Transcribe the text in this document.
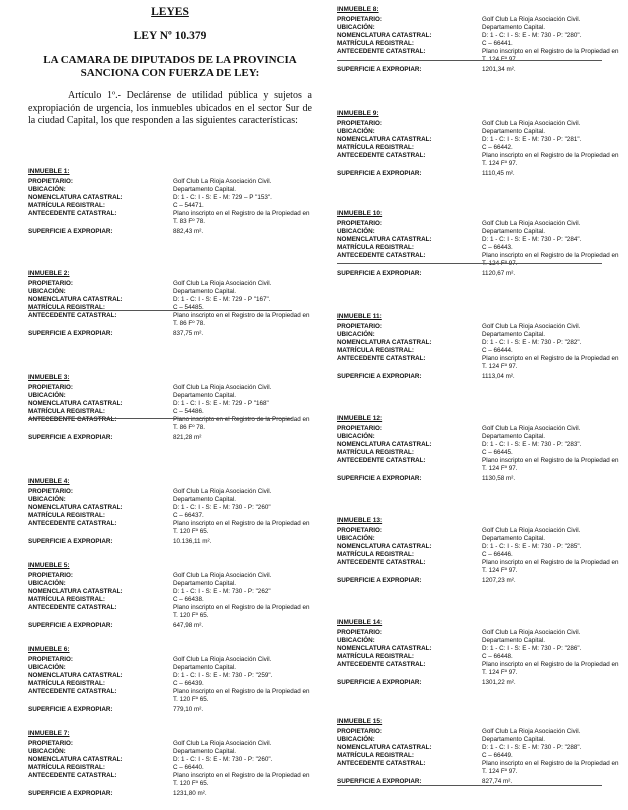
LEYES
LEY Nº 10.379
LA CAMARA DE DIPUTADOS DE LA PROVINCIA SANCIONA CON FUERZA DE LEY:
Artículo 1º.- Declárense de utilidad pública y sujetos a expropiación de urgencia, los inmuebles ubicados en el sector Sur de la ciudad Capital, los que responden a las siguientes características:
INMUEBLE 1:
PROPIETARIO:	Golf Club La Rioja Asociación Civil.
UBICACIÓN:	Departamento Capital.
NOMENCLATURA CATASTRAL:	D: 1 - C: I - S: E - M: 729 – P "153".
MATRÍCULA REGISTRAL:	C – 54471.
ANTECEDENTE CATASTRAL:	Plano inscripto en el Registro de la Propiedad en T. 83 Fº 78.
SUPERFICIE A EXPROPIAR:	882,43 m².
INMUEBLE 2:
PROPIETARIO:	Golf Club La Rioja Asociación Civil.
UBICACIÓN:	Departamento Capital.
NOMENCLATURA CATASTRAL:	D: 1 - C: I - S: E - M: 729 - P "167".
MATRÍCULA REGISTRAL:	C – 54485.
ANTECEDENTE CATASTRAL:	Plano inscripto en el Registro de la Propiedad en T. 86 Fº 78.
SUPERFICIE A EXPROPIAR:	837,75 m².
INMUEBLE 3:
PROPIETARIO:	Golf Club La Rioja Asociación Civil.
UBICACIÓN:	Departamento Capital.
NOMENCLATURA CATASTRAL:	D: 1 - C: I - S: E - M: 729 - P "168"
MATRÍCULA REGISTRAL:	C – 54486.
ANTECEDENTE CATASTRAL:	Plano inscripto en el Registro de la Propiedad en T. 86 Fº 78.
SUPERFICIE A EXPROPIAR:	821,28 m²
INMUEBLE 4:
PROPIETARIO:	Golf Club La Rioja Asociación Civil.
UBICACIÓN:	Departamento Capital.
NOMENCLATURA CATASTRAL:	D: 1 - C: I - S: E - M: 730 - P: "260"
MATRÍCULA REGISTRAL:	C – 66437.
ANTECEDENTE CATASTRAL:	Plano inscripto en el Registro de la Propiedad en T. 120 Fº 65.
SUPERFICIE A EXPROPIAR:	10.136,11 m².
INMUEBLE 5:
PROPIETARIO:	Golf Club La Rioja Asociación Civil.
UBICACIÓN:	Departamento Capital.
NOMENCLATURA CATASTRAL:	D: 1 - C: I - S: E - M: 730 - P: "262"
MATRÍCULA REGISTRAL:	C – 66438.
ANTECEDENTE CATASTRAL:	Plano inscripto en el Registro de la Propiedad en T. 120 Fº 65.
SUPERFICIE A EXPROPIAR:	647,98 m².
INMUEBLE 6:
PROPIETARIO:	Golf Club La Rioja Asociación Civil.
UBICACIÓN:	Departamento Capital.
NOMENCLATURA CATASTRAL:	D: 1 - C: I - S: E - M: 730 - P: "259".
MATRÍCULA REGISTRAL:	C – 66439.
ANTECEDENTE CATASTRAL:	Plano inscripto en el Registro de la Propiedad en T. 120 Fº 65.
SUPERFICIE A EXPROPIAR:	779,10 m².
INMUEBLE 7:
PROPIETARIO:	Golf Club La Rioja Asociación Civil.
UBICACIÓN:	Departamento Capital.
NOMENCLATURA CATASTRAL:	D: 1 - C: I - S: E - M: 730 - P: "260".
MATRÍCULA REGISTRAL:	C – 66440.
ANTECEDENTE CATASTRAL:	Plano inscripto en el Registro de la Propiedad en T. 120 Fº 65.
SUPERFICIE A EXPROPIAR:	1231,80 m².
INMUEBLE 8:
PROPIETARIO:	Golf Club La Rioja Asociación Civil.
UBICACIÓN:	Departamento Capital.
NOMENCLATURA CATASTRAL:	D: 1 - C: I - S: E - M: 730 - P: "280".
MATRÍCULA REGISTRAL:	C – 66441.
ANTECEDENTE CATASTRAL:	Plano inscripto en el Registro de la Propiedad en T. 124 Fº 97.
SUPERFICIE A EXPROPIAR:	1201,34 m².
INMUEBLE 9:
PROPIETARIO:	Golf Club La Rioja Asociación Civil.
UBICACIÓN:	Departamento Capital.
NOMENCLATURA CATASTRAL:	D: 1 - C: I - S: E - M: 730 - P: "281".
MATRÍCULA REGISTRAL:	C – 66442.
ANTECEDENTE CATASTRAL:	Plano inscripto en el Registro de la Propiedad en T. 124 Fº 97.
SUPERFICIE A EXPROPIAR:	1110,45 m².
INMUEBLE 10:
PROPIETARIO:	Golf Club La Rioja Asociación Civil.
UBICACIÓN:	Departamento Capital.
NOMENCLATURA CATASTRAL:	D: 1 - C: I - S: E - M: 730 - P: "284".
MATRÍCULA REGISTRAL:	C – 66443.
ANTECEDENTE CATASTRAL:	Plano inscripto en el Registro de la Propiedad en T. 124 Fº 97.
SUPERFICIE A EXPROPIAR:	1120,67 m².
INMUEBLE 11:
PROPIETARIO:	Golf Club La Rioja Asociación Civil.
UBICACIÓN:	Departamento Capital.
NOMENCLATURA CATASTRAL:	D: 1 - C: I - S: E - M: 730 - P: "282".
MATRÍCULA REGISTRAL:	C – 66444.
ANTECEDENTE CATASTRAL:	Plano inscripto en el Registro de la Propiedad en T. 124 Fº 97.
SUPERFICIE A EXPROPIAR:	1113,04 m².
INMUEBLE 12:
PROPIETARIO:	Golf Club La Rioja Asociación Civil.
UBICACIÓN:	Departamento Capital.
NOMENCLATURA CATASTRAL:	D: 1 - C: I - S: E - M: 730 - P: "283".
MATRÍCULA REGISTRAL:	C – 66445.
ANTECEDENTE CATASTRAL:	Plano inscripto en el Registro de la Propiedad en T. 124 Fº 97.
SUPERFICIE A EXPROPIAR:	1130,58 m².
INMUEBLE 13:
PROPIETARIO:	Golf Club La Rioja Asociación Civil.
UBICACIÓN:	Departamento Capital.
NOMENCLATURA CATASTRAL:	D: 1 - C: I - S: E - M: 730 - P: "285".
MATRÍCULA REGISTRAL:	C – 66446.
ANTECEDENTE CATASTRAL:	Plano inscripto en el Registro de la Propiedad en T. 124 Fº 97.
SUPERFICIE A EXPROPIAR:	1207,23 m².
INMUEBLE 14:
PROPIETARIO:	Golf Club La Rioja Asociación Civil.
UBICACIÓN:	Departamento Capital.
NOMENCLATURA CATASTRAL:	D: 1 - C: I - S: E - M: 730 - P: "286".
MATRÍCULA REGISTRAL:	C – 66448.
ANTECEDENTE CATASTRAL:	Plano inscripto en el Registro de la Propiedad en T. 124 Fº 97.
SUPERFICIE A EXPROPIAR:	1301,22 m².
INMUEBLE 15:
PROPIETARIO:	Golf Club La Rioja Asociación Civil.
UBICACIÓN:	Departamento Capital.
NOMENCLATURA CATASTRAL:	D: 1 - C: I - S: E - M: 730 - P: "288".
MATRÍCULA REGISTRAL:	C – 66449.
ANTECEDENTE CATASTRAL:	Plano inscripto en el Registro de la Propiedad en T. 124 Fº 97.
SUPERFICIE A EXPROPIAR:	827,74 m².
